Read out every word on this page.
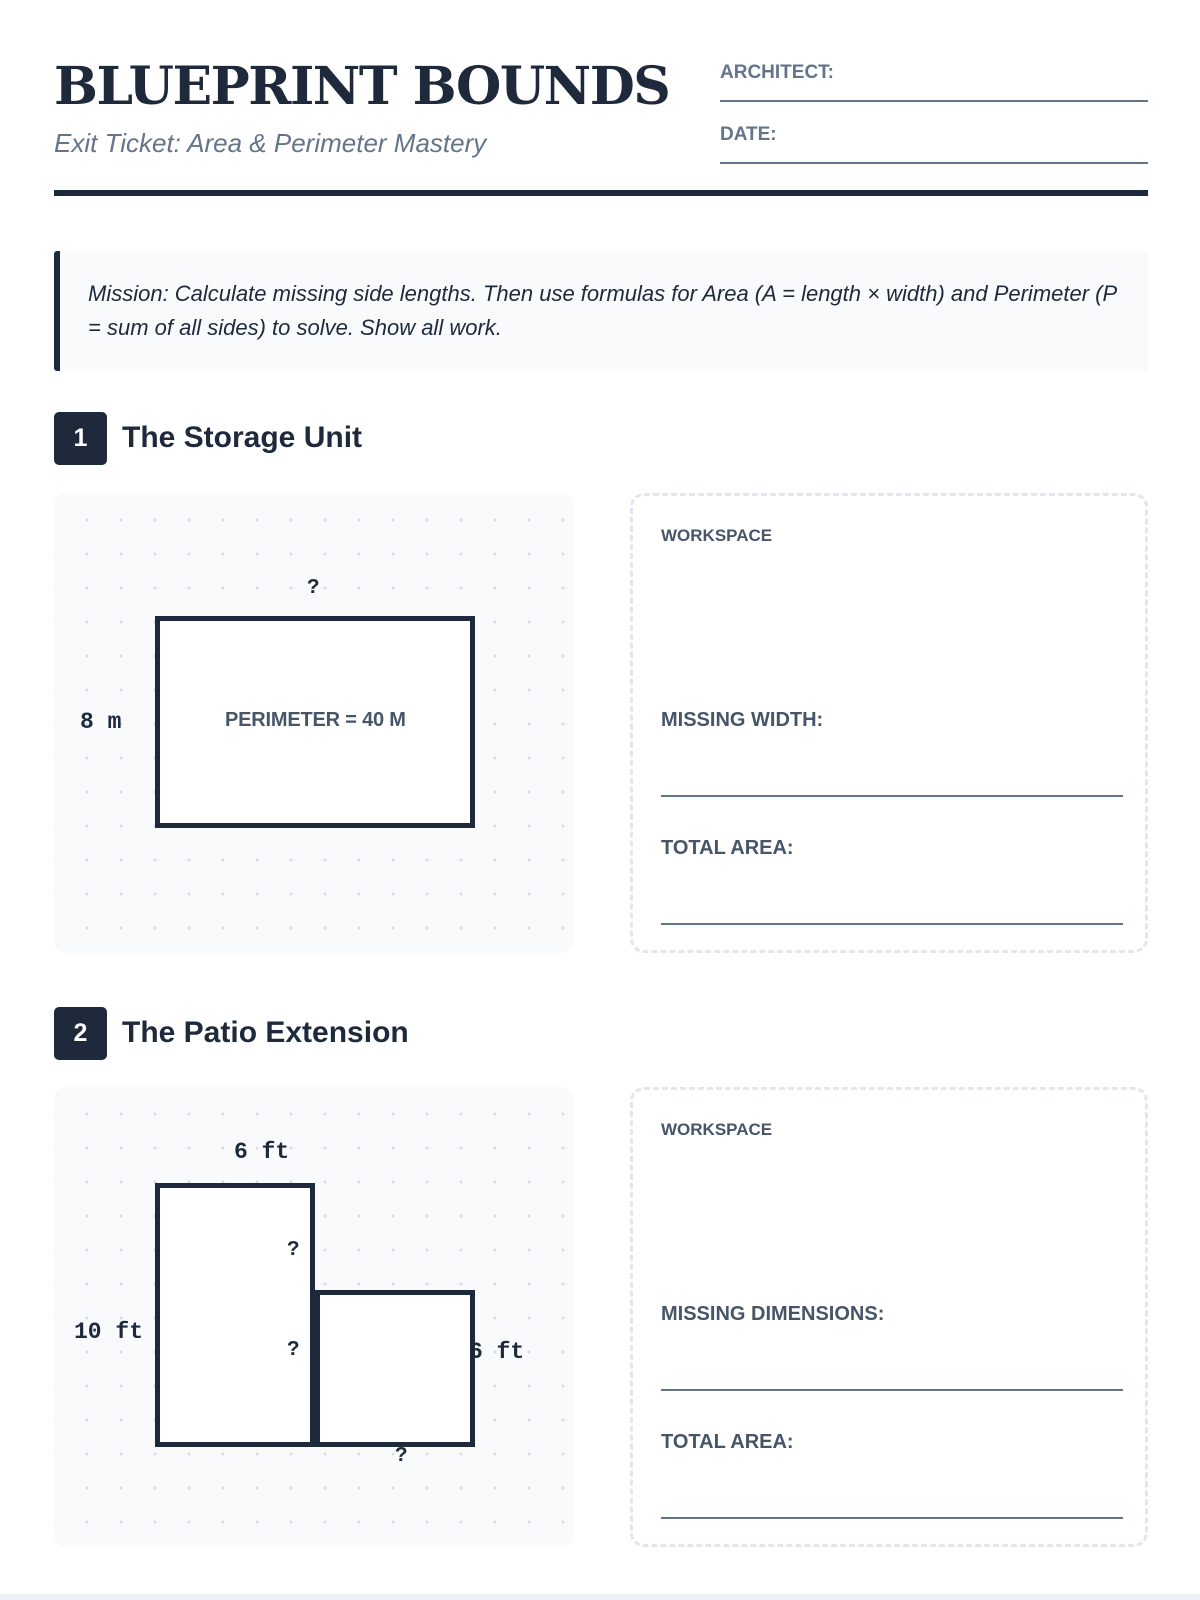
BLUEPRINT BOUNDS
Exit Ticket: Area & Perimeter Mastery
ARCHITECT:
DATE:
Mission: Calculate missing side lengths. Then use formulas for Area (A = length × width) and Perimeter (P = sum of all sides) to solve. Show all work.
1	The Storage Unit
?
8 m	PERIMETER = 40 M
WORKSPACE
MISSING WIDTH:
TOTAL AREA:
2	The Patio Extension
6 ft
10 ft
?
?	6 ft
?
WORKSPACE
MISSING DIMENSIONS:
TOTAL AREA:
